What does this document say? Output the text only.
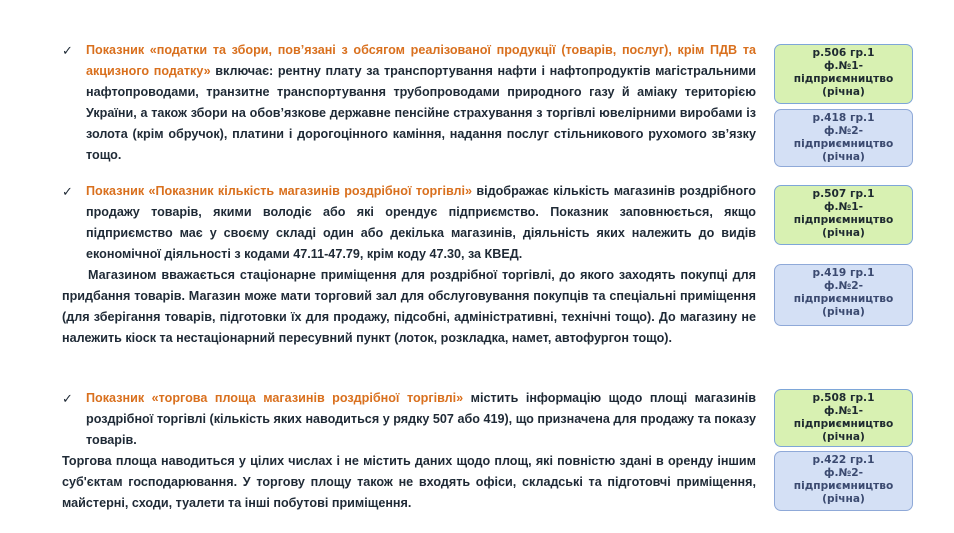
✓ Показник «податки та збори, пов’язані з обсягом реалізованої продукції (товарів, послуг), крім ПДВ та акцизного податку» включає: рентну плату за транспортування нафти і нафтопродуктів магістральними нафтопроводами, транзитне транспортування трубопроводами природного газу й аміаку територією України, а також збори на обов’язкове державне пенсійне страхування з торгівлі ювелірними виробами із золота (крім обручок), платини і дорогоцінного каміння, надання послуг стільникового рухомого зв’язку тощо.

✓ Показник «Показник кількість магазинів роздрібної торгівлі» відображає кількість магазинів роздрібного продажу товарів, якими володіє або які орендує підприємство. Показник заповнюється, якщо підприємство має у своєму складі один або декілька магазинів, діяльність яких належить до видів економічної діяльності з кодами 47.11-47.79, крім коду 47.30, за КВЕД.

Магазином вважається стаціонарне приміщення для роздрібної торгівлі, до якого заходять покупці для придбання товарів. Магазин може мати торговий зал для обслуговування покупців та спеціальні приміщення (для зберігання товарів, підготовки їх для продажу, підсобні, адміністративні, технічні тощо). До магазину не належить кіоск та нестаціонарний пересувний пункт (лоток, розкладка, намет, автофургон тощо).

✓ Показник «торгова площа магазинів роздрібної торгівлі» містить інформацію щодо площі магазинів роздрібної торгівлі (кількість яких наводиться у рядку 507 або 419), що призначена для продажу та показу товарів.

Торгова площа наводиться у цілих числах і не містить даних щодо площ, які повністю здані в оренду іншим суб'єктам господарювання. У торгову площу також не входять офіси, складські та підготовчі приміщення, майстерні, сходи, туалети та інші побутові приміщення.

р.506 гр.1
ф.№1-
підприємництво
(річна)
р.418 гр.1
ф.№2-
підприємництво
(річна)
р.507 гр.1
ф.№1-
підприємництво
(річна)
р.419 гр.1
ф.№2-
підприємництво
(річна)
р.508 гр.1
ф.№1-
підприємництво
(річна)
р.422 гр.1
ф.№2-
підприємництво
(річна)
